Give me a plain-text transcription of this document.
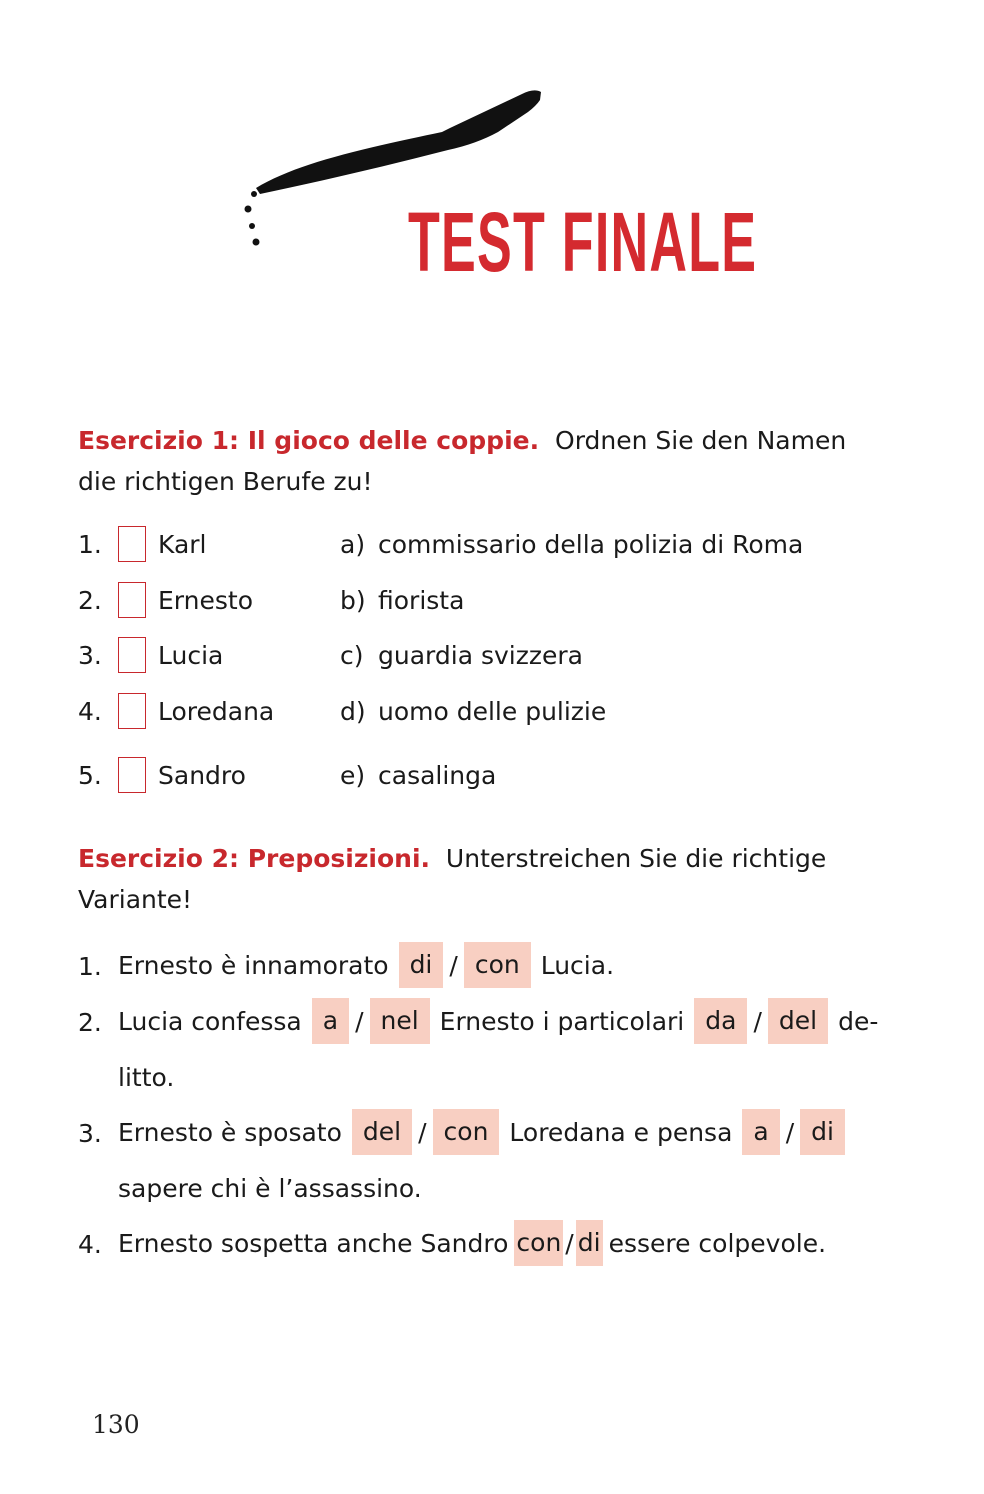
TEST FINALE
Esercizio 1: Il gioco delle coppie. Ordnen Sie den Namen
die richtigen Berufe zu!
1. Karl	a) commissario della polizia di Roma
2. Ernesto	b) fiorista
3. Lucia	c) guardia svizzera
4. Loredana	d) uomo delle pulizie
5. Sandro	e) casalinga
Esercizio 2: Preposizioni. Unterstreichen Sie die richtige
Variante!
1. Ernesto è innamorato di / con Lucia.
2. Lucia confessa a / nel Ernesto i particolari da / del de-
litto.
3. Ernesto è sposato del / con Loredana e pensa a / di
sapere chi è l’assassino.
4. Ernesto sospetta anche Sandro con / di essere colpevole.
130
